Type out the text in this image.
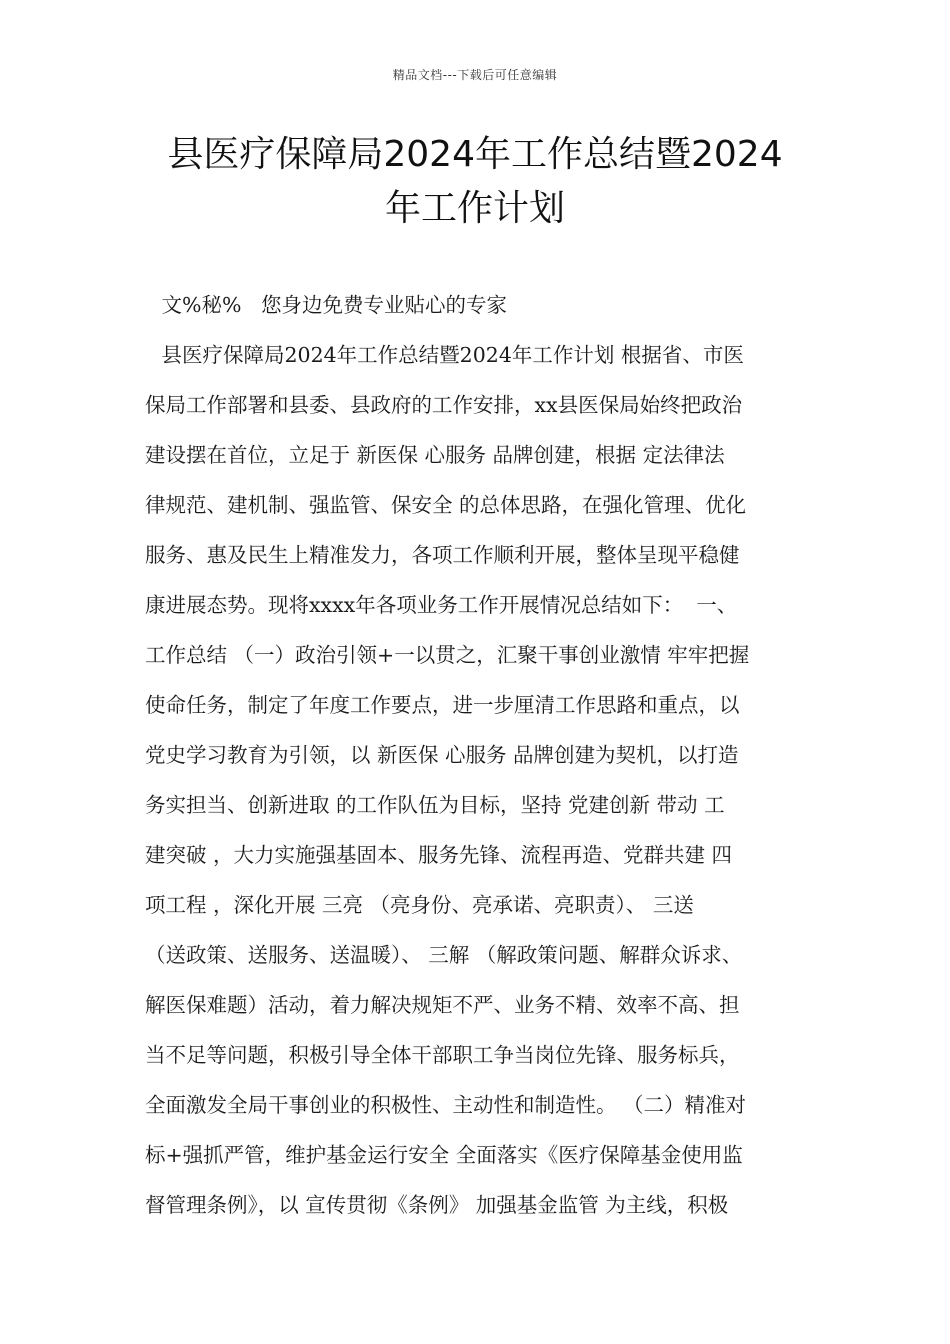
精品文档---下载后可任意编辑
县医疗保障局2024年工作总结暨2024
年工作计划
文%秘%   您身边免费专业贴心的专家
县医疗保障局2024年工作总结暨2024年工作计划 根据省、市医
保局工作部署和县委、县政府的工作安排，xx县医保局始终把政治
建设摆在首位，立足于 新医保 心服务 品牌创建，根据 定法律法
律规范、建机制、强监管、保安全 的总体思路，在强化管理、优化
服务、惠及民生上精准发力，各项工作顺利开展，整体呈现平稳健
康进展态势。现将xxxx年各项业务工作开展情况总结如下：  一、
工作总结 （一）政治引领+一以贯之，汇聚干事创业激情 牢牢把握
使命任务，制定了年度工作要点，进一步厘清工作思路和重点，以
党史学习教育为引领，以 新医保 心服务 品牌创建为契机，以打造
务实担当、创新进取 的工作队伍为目标，坚持 党建创新 带动 工
建突破 ，大力实施强基固本、服务先锋、流程再造、党群共建 四
项工程 ，深化开展 三亮 （亮身份、亮承诺、亮职责）、 三送
（送政策、送服务、送温暖）、 三解 （解政策问题、解群众诉求、
解医保难题）活动，着力解决规矩不严、业务不精、效率不高、担
当不足等问题，积极引导全体干部职工争当岗位先锋、服务标兵，
全面激发全局干事创业的积极性、主动性和制造性。 （二）精准对
标+强抓严管，维护基金运行安全 全面落实《医疗保障基金使用监
督管理条例》，以 宣传贯彻《条例》 加强基金监管 为主线，积极
